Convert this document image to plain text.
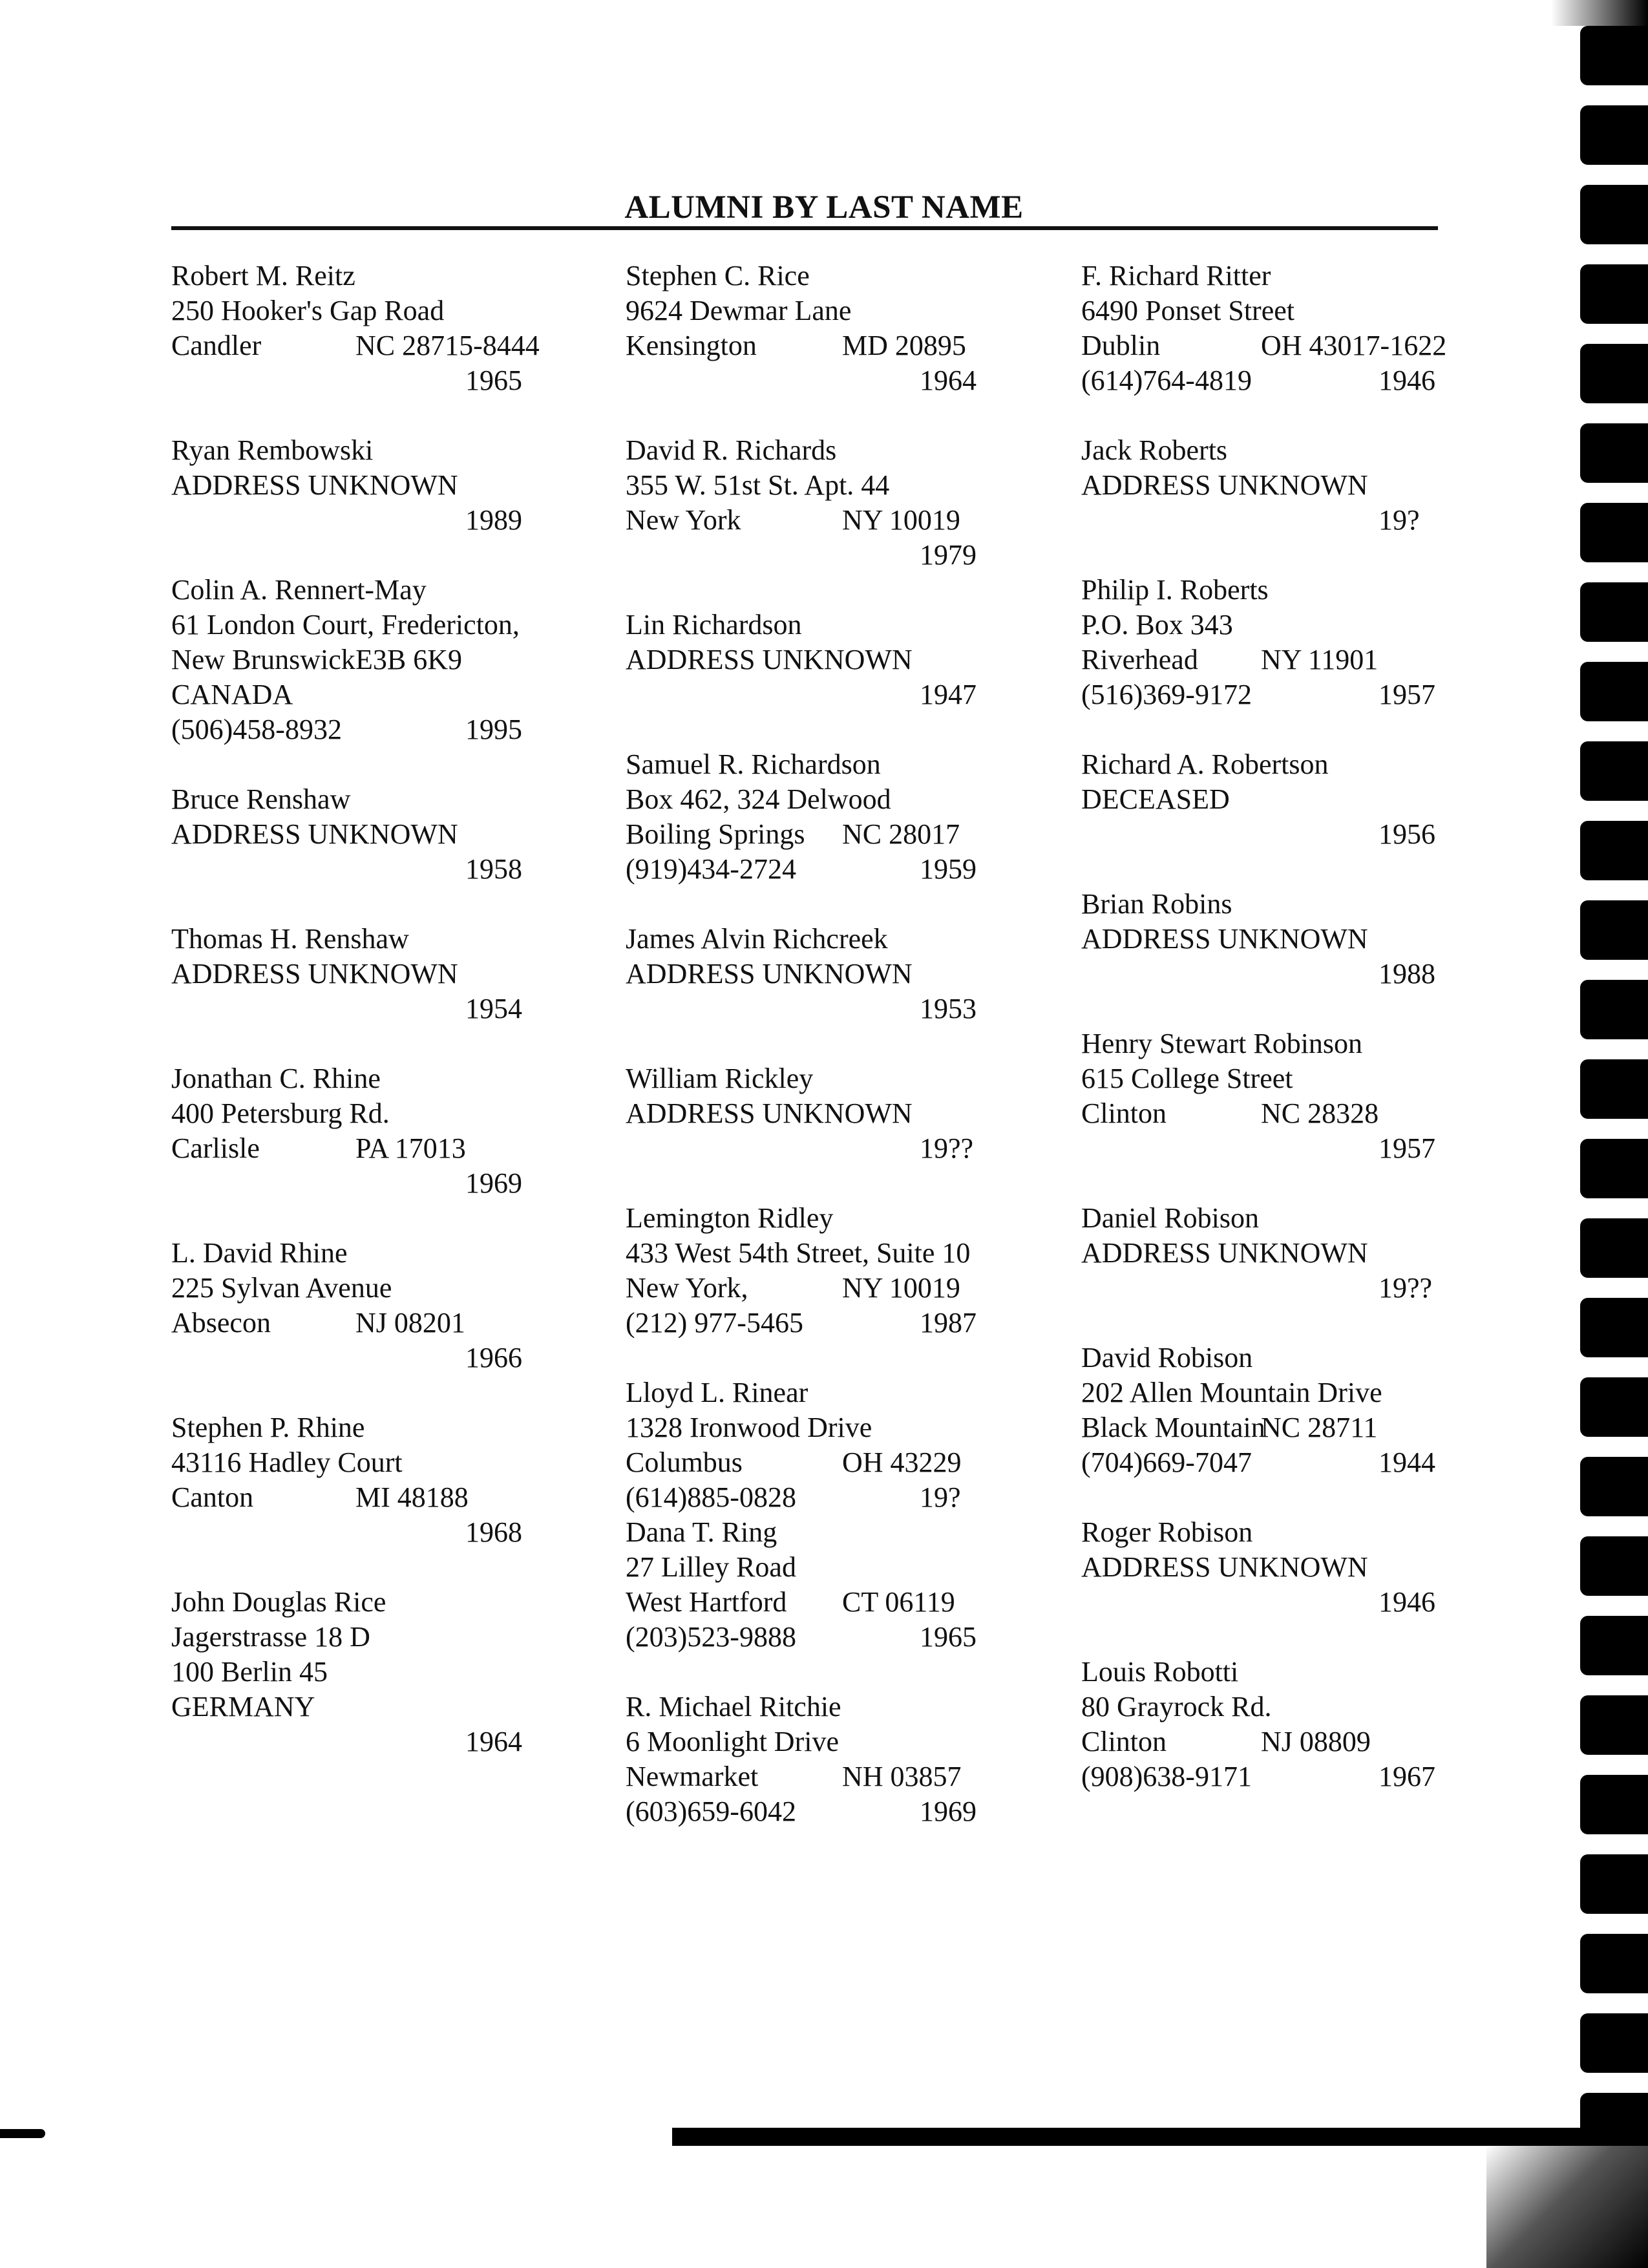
ALUMNI BY LAST NAME
Robert M. Reitz
250 Hooker's Gap Road
Candler	NC 28715-8444
1965
Ryan Rembowski
ADDRESS UNKNOWN
1989
Colin A. Rennert-May
61 London Court, Fredericton,
New Brunswick E3B 6K9
CANADA
(506)458-8932	1995
Bruce Renshaw
ADDRESS UNKNOWN
1958
Thomas H. Renshaw
ADDRESS UNKNOWN
1954
Jonathan C. Rhine
400 Petersburg Rd.
Carlisle	PA 17013
1969
L. David Rhine
225 Sylvan Avenue
Absecon	NJ 08201
1966
Stephen P. Rhine
43116 Hadley Court
Canton	MI 48188
1968
John Douglas Rice
Jagerstrasse 18 D
100 Berlin 45
GERMANY
1964
Stephen C. Rice
9624 Dewmar Lane
Kensington	MD 20895
1964
David R. Richards
355 W. 51st St. Apt. 44
New York	NY 10019
1979
Lin Richardson
ADDRESS UNKNOWN
1947
Samuel R. Richardson
Box 462, 324 Delwood
Boiling Springs NC 28017
(919)434-2724	1959
James Alvin Richcreek
ADDRESS UNKNOWN
1953
William Rickley
ADDRESS UNKNOWN
19??
Lemington Ridley
433 West 54th Street, Suite 10
New York,	NY 10019
(212) 977-5465	1987
Lloyd L. Rinear
1328 Ironwood Drive
Columbus	OH 43229
(614)885-0828	19?
Dana T. Ring
27 Lilley Road
West Hartford CT 06119
(203)523-9888	1965
R. Michael Ritchie
6 Moonlight Drive
Newmarket	NH 03857
(603)659-6042	1969
F. Richard Ritter
6490 Ponset Street
Dublin	OH 43017-1622
(614)764-4819	1946
Jack Roberts
ADDRESS UNKNOWN
19?
Philip I. Roberts
P.O. Box 343
Riverhead NY 11901
(516)369-9172	1957
Richard A. Robertson
DECEASED
1956
Brian Robins
ADDRESS UNKNOWN
1988
Henry Stewart Robinson
615 College Street
Clinton	NC 28328
1957
Daniel Robison
ADDRESS UNKNOWN
19??
David Robison
202 Allen Mountain Drive
Black Mountain
NC 28711
(704)669-7047	1944
Roger Robison
ADDRESS UNKNOWN
1946
Louis Robotti
80 Grayrock Rd.
Clinton	NJ 08809
(908)638-9171	1967
